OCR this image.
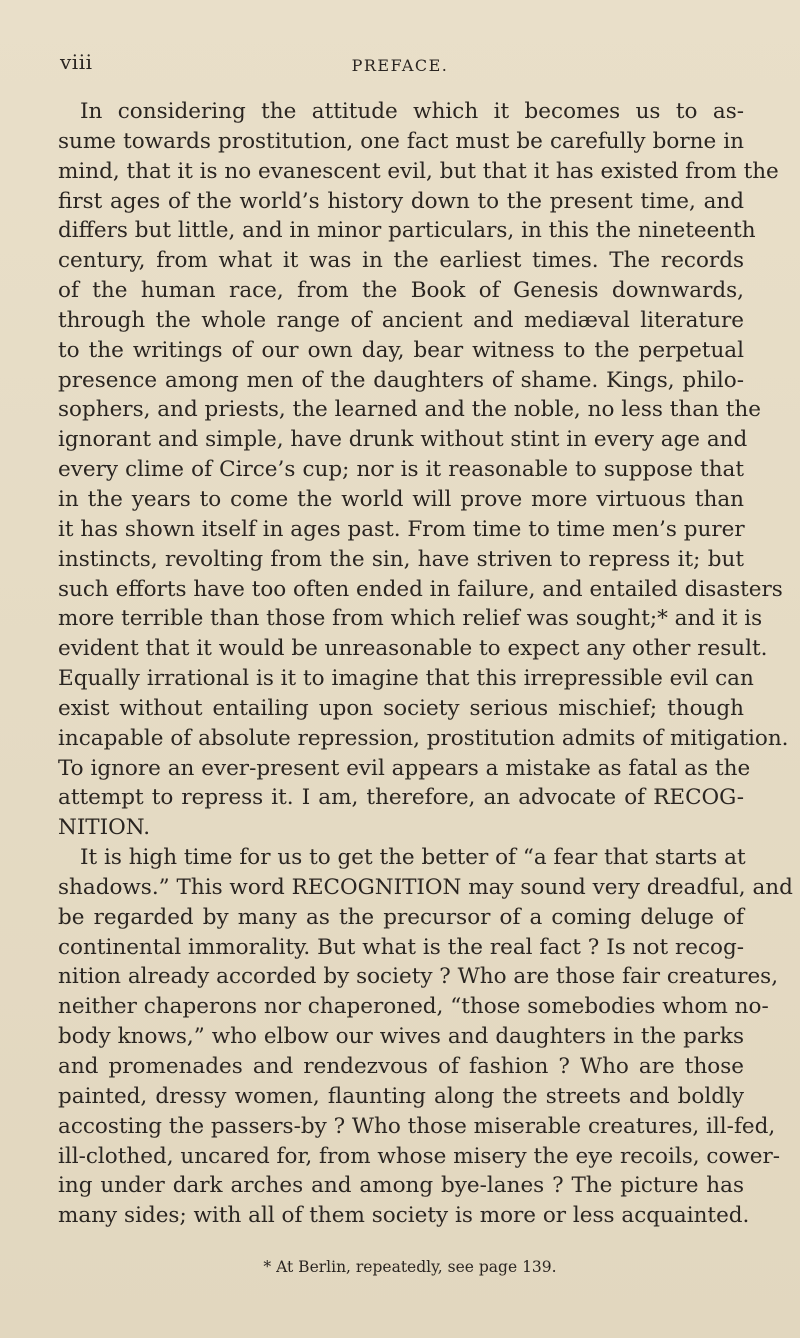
viii	PREFACE.
In considering the attitude which it becomes us to as-
sume towards prostitution, one fact must be carefully borne in
mind, that it is no evanescent evil, but that it has existed from the
first ages of the world’s history down to the present time, and
differs but little, and in minor particulars, in this the nineteenth
century, from what it was in the earliest times. The records
of the human race, from the Book of Genesis downwards,
through the whole range of ancient and mediæval literature
to the writings of our own day, bear witness to the perpetual
presence among men of the daughters of shame. Kings, philo-
sophers, and priests, the learned and the noble, no less than the
ignorant and simple, have drunk without stint in every age and
every clime of Circe’s cup; nor is it reasonable to suppose that
in the years to come the world will prove more virtuous than
it has shown itself in ages past. From time to time men’s purer
instincts, revolting from the sin, have striven to repress it; but
such efforts have too often ended in failure, and entailed disasters
more terrible than those from which relief was sought;* and it is
evident that it would be unreasonable to expect any other result.
Equally irrational is it to imagine that this irrepressible evil can
exist without entailing upon society serious mischief; though
incapable of absolute repression, prostitution admits of mitigation.
To ignore an ever-present evil appears a mistake as fatal as the
attempt to repress it. I am, therefore, an advocate of RECOG-
NITION.
It is high time for us to get the better of “a fear that starts at
shadows.” This word RECOGNITION may sound very dreadful, and
be regarded by many as the precursor of a coming deluge of
continental immorality. But what is the real fact ? Is not recog-
nition already accorded by society ? Who are those fair creatures,
neither chaperons nor chaperoned, “those somebodies whom no-
body knows,” who elbow our wives and daughters in the parks
and promenades and rendezvous of fashion ? Who are those
painted, dressy women, flaunting along the streets and boldly
accosting the passers-by ? Who those miserable creatures, ill-fed,
ill-clothed, uncared for, from whose misery the eye recoils, cower-
ing under dark arches and among bye-lanes ? The picture has
many sides; with all of them society is more or less acquainted.
* At Berlin, repeatedly, see page 139.
